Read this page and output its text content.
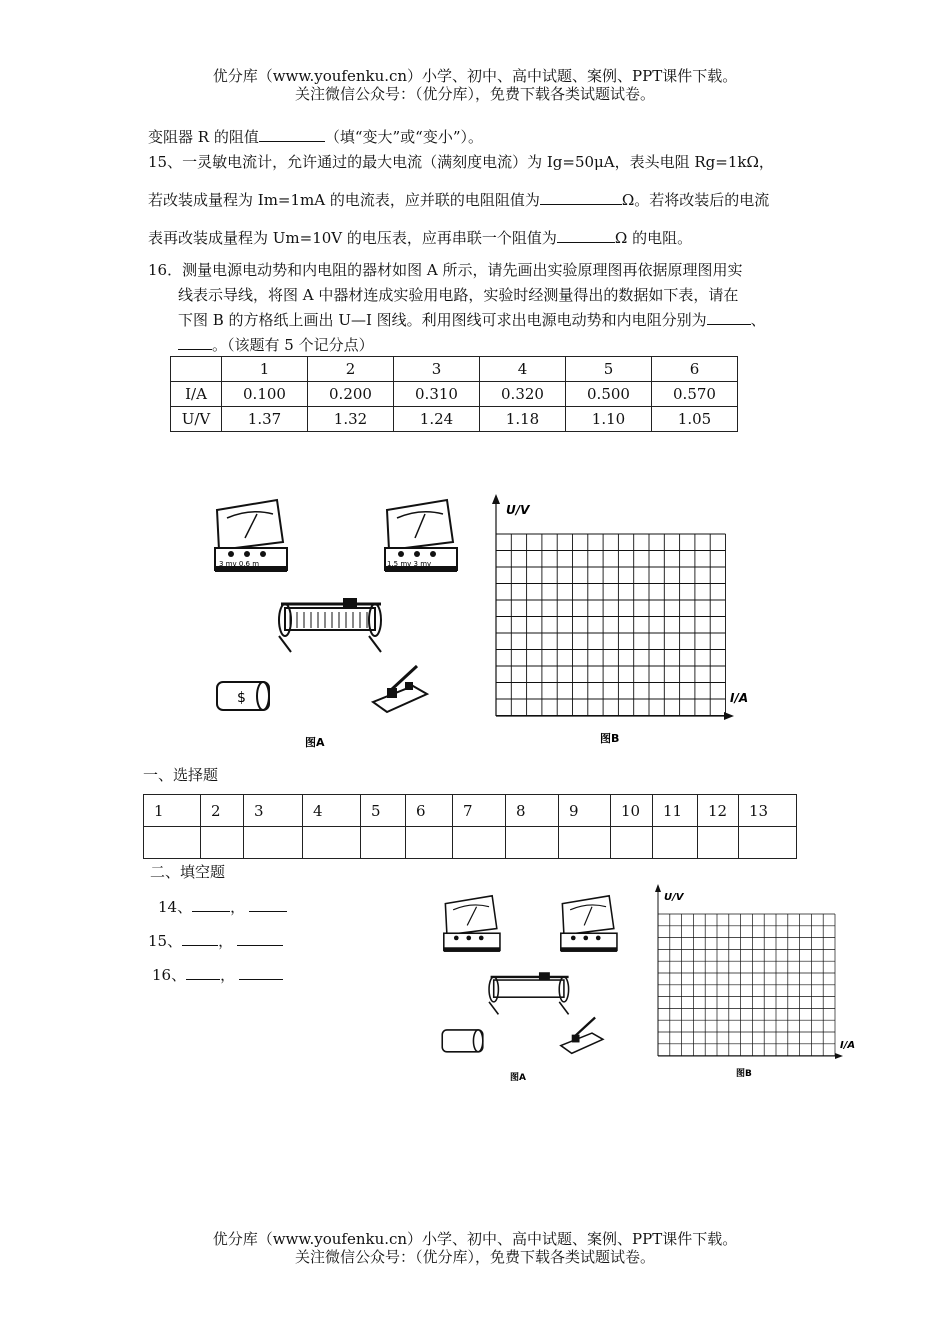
优分库（www.youfenku.cn）小学、初中、高中试题、案例、PPT课件下载。
关注微信公众号：（优分库），免费下载各类试题试卷。
变阻器 R 的阻值	（填“变大”或“变小”）。
15、一灵敏电流计，允许通过的最大电流（满刻度电流）为 Ig=50μA，表头电阻 Rg=1kΩ，
若改装成量程为 Im=1mA 的电流表，应并联的电阻阻值为	Ω。若将改装后的电流
表再改装成量程为 Um=10V 的电压表，应再串联一个阻值为	Ω 的电阻。
16．测量电源电动势和内电阻的器材如图 A 所示，请先画出实验原理图再依据原理图用实
线表示导线，将图 A 中器材连成实验用电路，实验时经测量得出的数据如下表，请在
下图 B 的方格纸上画出 U—I 图线。利用图线可求出电源电动势和内电阻分别为	、
。（该题有 5 个记分点）
	1	2	3	4	5	6
I/A	0.100	0.200	0.310	0.320	0.500	0.570
U/V	1.37	1.32	1.24	1.18	1.10	1.05
3 mv 0.6 m	1.5 mv 3 mv
$
图A
U/V
I/A
图B
一、选择题
1	2	3	4	5	6	7	8	9	10	11	12	13

二、填空题
14、	，
15、 ，
16、 ，
图A
U/V
I/A
图B
优分库（www.youfenku.cn）小学、初中、高中试题、案例、PPT课件下载。
关注微信公众号：（优分库），免费下载各类试题试卷。
